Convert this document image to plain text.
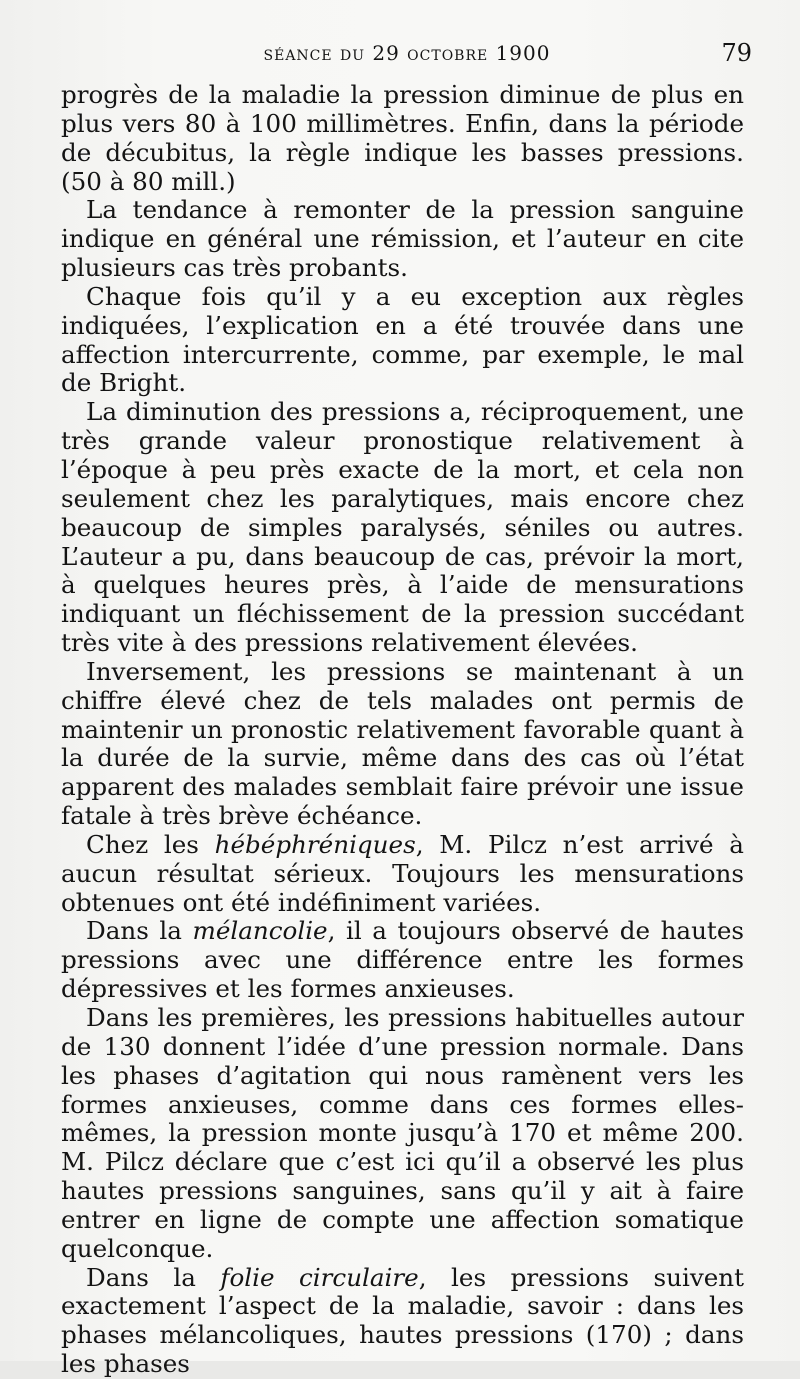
séance du 29 octobre 1900	79

progrès de la maladie la pression diminue de plus en plus vers 80 à 100 millimètres. Enfin, dans la période de décubitus, la règle indique les basses pressions. (50 à 80 mill.)

La tendance à remonter de la pression sanguine indique en général une rémission, et l’auteur en cite plusieurs cas très probants.

Chaque fois qu’il y a eu exception aux règles indiquées, l’explication en a été trouvée dans une affection intercurrente, comme, par exemple, le mal de Bright.

La diminution des pressions a, réciproquement, une très grande valeur pronostique relativement à l’époque à peu près exacte de la mort, et cela non seulement chez les paralytiques, mais encore chez beaucoup de simples paralysés, séniles ou autres. L’auteur a pu, dans beaucoup de cas, prévoir la mort, à quelques heures près, à l’aide de mensurations indiquant un fléchissement de la pression succédant très vite à des pressions relativement élevées.

Inversement, les pressions se maintenant à un chiffre élevé chez de tels malades ont permis de maintenir un pronostic relativement favorable quant à la durée de la survie, même dans des cas où l’état apparent des malades semblait faire prévoir une issue fatale à très brève échéance.

Chez les hébéphréniques, M. Pilcz n’est arrivé à aucun résultat sérieux. Toujours les mensurations obtenues ont été indéfiniment variées.

Dans la mélancolie, il a toujours observé de hautes pressions avec une différence entre les formes dépressives et les formes anxieuses.

Dans les premières, les pressions habituelles autour de 130 donnent l’idée d’une pression normale. Dans les phases d’agitation qui nous ramènent vers les formes anxieuses, comme dans ces formes elles-mêmes, la pression monte jusqu’à 170 et même 200. M. Pilcz déclare que c’est ici qu’il a observé les plus hautes pressions sanguines, sans qu’il y ait à faire entrer en ligne de compte une affection somatique quelconque.

Dans la folie circulaire, les pressions suivent exactement l’aspect de la maladie, savoir : dans les phases mélancoliques, hautes pressions (170) ; dans les phases
